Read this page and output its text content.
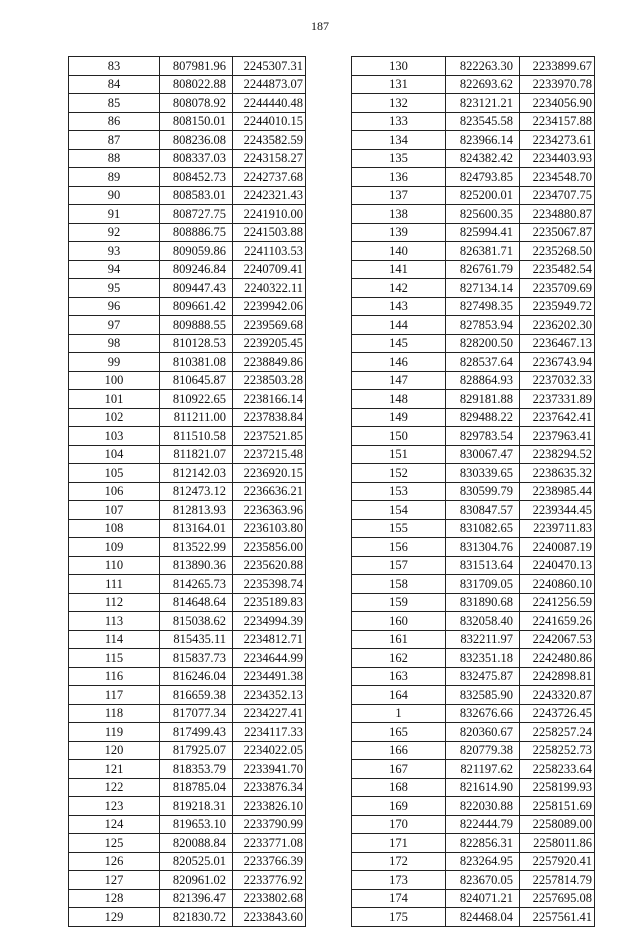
187
83	807981.96	2245307.31
84	808022.88	2244873.07
85	808078.92	2244440.48
86	808150.01	2244010.15
87	808236.08	2243582.59
88	808337.03	2243158.27
89	808452.73	2242737.68
90	808583.01	2242321.43
91	808727.75	2241910.00
92	808886.75	2241503.88
93	809059.86	2241103.53
94	809246.84	2240709.41
95	809447.43	2240322.11
96	809661.42	2239942.06
97	809888.55	2239569.68
98	810128.53	2239205.45
99	810381.08	2238849.86
100	810645.87	2238503.28
101	810922.65	2238166.14
102	811211.00	2237838.84
103	811510.58	2237521.85
104	811821.07	2237215.48
105	812142.03	2236920.15
106	812473.12	2236636.21
107	812813.93	2236363.96
108	813164.01	2236103.80
109	813522.99	2235856.00
110	813890.36	2235620.88
111	814265.73	2235398.74
112	814648.64	2235189.83
113	815038.62	2234994.39
114	815435.11	2234812.71
115	815837.73	2234644.99
116	816246.04	2234491.38
117	816659.38	2234352.13
118	817077.34	2234227.41
119	817499.43	2234117.33
120	817925.07	2234022.05
121	818353.79	2233941.70
122	818785.04	2233876.34
123	819218.31	2233826.10
124	819653.10	2233790.99
125	820088.84	2233771.08
126	820525.01	2233766.39
127	820961.02	2233776.92
128	821396.47	2233802.68
129	821830.72	2233843.60
130	822263.30	2233899.67
131	822693.62	2233970.78
132	823121.21	2234056.90
133	823545.58	2234157.88
134	823966.14	2234273.61
135	824382.42	2234403.93
136	824793.85	2234548.70
137	825200.01	2234707.75
138	825600.35	2234880.87
139	825994.41	2235067.87
140	826381.71	2235268.50
141	826761.79	2235482.54
142	827134.14	2235709.69
143	827498.35	2235949.72
144	827853.94	2236202.30
145	828200.50	2236467.13
146	828537.64	2236743.94
147	828864.93	2237032.33
148	829181.88	2237331.89
149	829488.22	2237642.41
150	829783.54	2237963.41
151	830067.47	2238294.52
152	830339.65	2238635.32
153	830599.79	2238985.44
154	830847.57	2239344.45
155	831082.65	2239711.83
156	831304.76	2240087.19
157	831513.64	2240470.13
158	831709.05	2240860.10
159	831890.68	2241256.59
160	832058.40	2241659.26
161	832211.97	2242067.53
162	832351.18	2242480.86
163	832475.87	2242898.81
164	832585.90	2243320.87
1	832676.66	2243726.45
165	820360.67	2258257.24
166	820779.38	2258252.73
167	821197.62	2258233.64
168	821614.90	2258199.93
169	822030.88	2258151.69
170	822444.79	2258089.00
171	822856.31	2258011.86
172	823264.95	2257920.41
173	823670.05	2257814.79
174	824071.21	2257695.08
175	824468.04	2257561.41
